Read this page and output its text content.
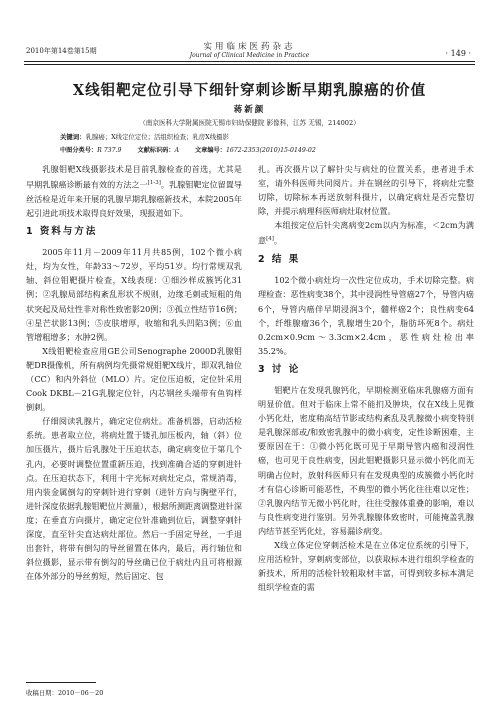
2010年第14卷第15期	实用临床医药杂志
Journal of Clinical Medicine in Practice	· 149 ·
X线钼靶定位引导下细针穿刺诊断早期乳腺癌的价值
蒋新颜
（南京医科大学附属医院无锡市妇幼保健院 影像科，江苏 无锡，214002）
关键词：乳腺癌；X线定位定位；活组织检查；乳房X线摄影
中图分类号：R 737.9	文献标识码：A	文章编号：1672-2353(2010)15-0149-02

乳腺钼靶X线摄影技术是目前乳腺检查的首选，尤其是早期乳腺癌诊断最有效的方法之一[1-3]。乳腺钼靶定位留置导丝活检是近年来开展的乳腺早期乳腺癌新技术，本院2005年起引进此项技术取得良好效果，现报道如下。

1 资料与方法

2005年11月－2009年11月共85例，102个微小病灶，均为女性，年龄33～72岁，平均51岁。均行常规双乳轴、斜位钼靶摄片检查，X线表现：①细沙样成簇钙化31例；②乳腺局部结构紊乱形状不规则，边缘毛刺或短粗的角状突起及局灶性非对称性致密影20例；③孤立性结节16例；④星芒状影13例；⑤皮肤增厚，收缩和乳头凹陷3例；⑥血管增粗增多；水肿2例。

X线钼靶检查应用GE公司Senographe 2000D乳腺钼靶DR摄像机，所有病例均先摄常规钼靶X线片，即双乳轴位（CC）和内外斜位（MLO）片。定位压迫板，定位针采用Cook DKBL－21G乳腺定位针，内芯钢丝头端带有鱼钩样倒刺。

仔细阅读乳腺片，确定定位病灶。准备机器，启动活检系统。患者取立位，将病灶置于镂孔加压板内，轴（斜）位加压摄片，摄片后乳腺处于压迫状态，确定病变位于第几个孔内，必要时调整位置重新压迫，找到准确合适的穿刺进针点。在压迫状态下，利用十字光标对病灶定点，常规消毒，用内装金属倒勾的穿刺针进行穿刺（进针方向与胸壁平行，进针深度依据乳腺钼靶位片测量），根据所测距离调整进针深度；在垂直方向摄片，确定定位针准确到位后，调整穿刺针深度，直至针尖直达病灶部位。然后一手固定导丝，一手退出套针，将带有倒勾的导丝留置在体内，最后，再行轴位和斜位摄影，显示带有倒勾的导丝确已位于病灶内且可将根源在体外部分的导丝剪短，然后固定、包

扎。再次摄片以了解针尖与病灶的位置关系，患者进手术室，请外科医师共同阅片。并在钢丝的引导下，将病灶完整切除，切除标本再送放射科摄片，以确定病灶是否完整切除，并提示病理科医师病灶取材位置。

本组按定位后针尖离病变2cm以内为标准，＜2cm为满意[4]。

2 结 果

102个微小病灶均一次性定位成功，手术切除完整。病理检查：恶性病变38个，其中浸润性导管癌27个，导管内癌6个，导管内癌伴早期浸润3个，髓样癌2个；良性病变64个，纤维腺瘤36个，乳腺增生20个，脂肪坏死8个。病灶0.2cm×0.9cm～3.3cm×2.4cm，恶性病灶检出率35.2%。

3 讨 论

钼靶片在发现乳腺钙化，早期检测亚临床乳腺癌方面有明显价值。但对于临床上常不能扪及肿块，仅在X线上见微小钙化灶，密度稍高结节影或结构紊乱及乳腺微小病变特别是乳腺深部或/和致密乳腺中的微小病变，定性诊断困难，主要原因在于：①微小钙化既可见于早期导管内癌和浸润性癌，也可见于良性病变，因此钼靶摄影只显示微小钙化而无明确占位时，放射科医师只有在发现典型的成簇微小钙化时才有信心诊断可能恶性，不典型的微小钙化往往难以定性；②乳腺内结节无微小钙化时，往往受腺体重叠的影响，难以与良性病变进行鉴别。另外乳腺腺体致密时，可能掩盖乳腺内结节甚至钙化灶，容易漏诊病变。

X线立体定位穿刺活检术是在立体定位系统的引导下，应用活检针，穿刺病变部位，以获取标本进行组织学检查的新技术，所用的活检针较粗取材丰富，可得到较多标本满足组织学检查的需

收稿日期：2010－06－20
